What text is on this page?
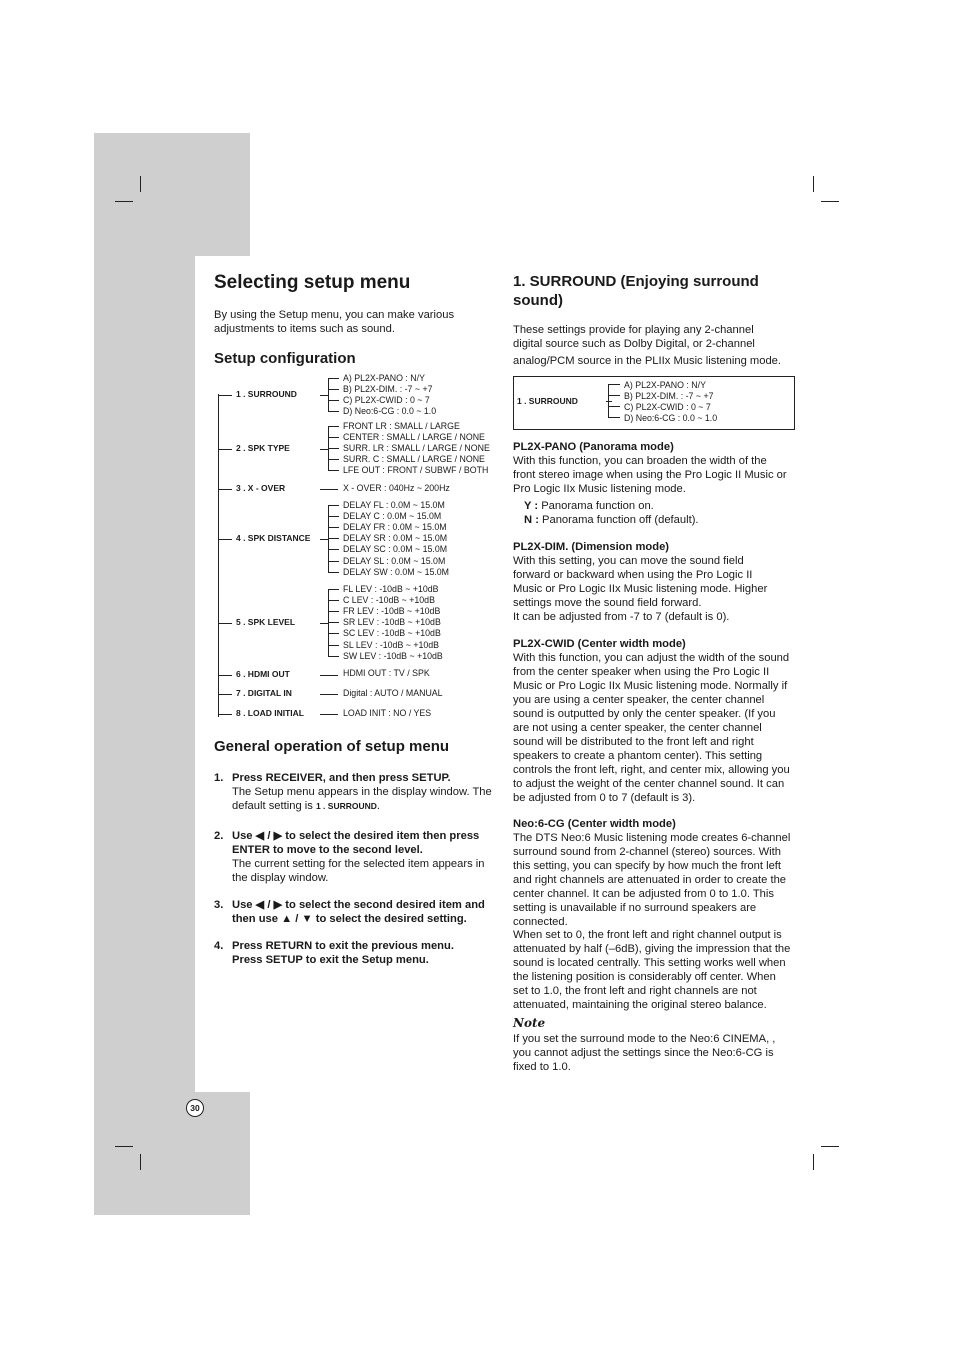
30
Selecting setup menu
By using the Setup menu, you can make various adjustments to items such as sound.
Setup configuration
1 . SURROUND
A) PL2X-PANO : N/Y
B) PL2X-DIM. : -7 ~ +7
C) PL2X-CWID : 0 ~ 7
D) Neo:6-CG : 0.0 ~ 1.0
2 . SPK TYPE
FRONT LR : SMALL / LARGE
CENTER : SMALL / LARGE / NONE
SURR. LR : SMALL / LARGE / NONE
SURR. C : SMALL / LARGE / NONE
LFE OUT : FRONT / SUBWF / BOTH
3 . X - OVER	X - OVER : 040Hz ~ 200Hz
4 . SPK DISTANCE
DELAY FL : 0.0M ~ 15.0M
DELAY C : 0.0M ~ 15.0M
DELAY FR : 0.0M ~ 15.0M
DELAY SR : 0.0M ~ 15.0M
DELAY SC : 0.0M ~ 15.0M
DELAY SL : 0.0M ~ 15.0M
DELAY SW : 0.0M ~ 15.0M
5 . SPK LEVEL
FL LEV : -10dB ~ +10dB
C LEV : -10dB ~ +10dB
FR LEV : -10dB ~ +10dB
SR LEV : -10dB ~ +10dB
SC LEV : -10dB ~ +10dB
SL LEV : -10dB ~ +10dB
SW LEV : -10dB ~ +10dB
6 . HDMI OUT	HDMI OUT : TV / SPK
7 . DIGITAL IN	Digital : AUTO / MANUAL
8 . LOAD INITIAL	LOAD INIT : NO / YES
General operation of setup menu
1. Press RECEIVER, and then press SETUP.
The Setup menu appears in the display window. The default setting is 1 . SURROUND.
2. Use ◀ / ▶ to select the desired item then press ENTER to move to the second level.
The current setting for the selected item appears in the display window.
3. Use ◀ / ▶ to select the second desired item and then use ▲ / ▼ to select the desired setting.
4. Press RETURN to exit the previous menu. Press SETUP to exit the Setup menu.
1. SURROUND (Enjoying surround sound)
These settings provide for playing any 2-channel digital source such as Dolby Digital, or 2-channel
analog/PCM source in the PLIIx Music listening mode.
1 . SURROUND
A) PL2X-PANO : N/Y
B) PL2X-DIM. : -7 ~ +7
C) PL2X-CWID : 0 ~ 7
D) Neo:6-CG : 0.0 ~ 1.0
PL2X-PANO (Panorama mode)
With this function, you can broaden the width of the front stereo image when using the Pro Logic II Music or Pro Logic IIx Music listening mode.
Y : Panorama function on.
N : Panorama function off (default).
PL2X-DIM. (Dimension mode)
With this setting, you can move the sound field forward or backward when using the Pro Logic II Music or Pro Logic IIx Music listening mode. Higher settings move the sound field forward.
It can be adjusted from -7 to 7 (default is 0).
PL2X-CWID (Center width mode)
With this function, you can adjust the width of the sound from the center speaker when using the Pro Logic II Music or Pro Logic IIx Music listening mode. Normally if you are using a center speaker, the center channel sound is outputted by only the center speaker. (If you are not using a center speaker, the center channel sound will be distributed to the front left and right speakers to create a phantom center). This setting controls the front left, right, and center mix, allowing you to adjust the weight of the center channel sound. It can be adjusted from 0 to 7 (default is 3).
Neo:6-CG (Center width mode)
The DTS Neo:6 Music listening mode creates 6-channel surround sound from 2-channel (stereo) sources. With this setting, you can specify by how much the front left and right channels are attenuated in order to create the center channel. It can be adjusted from 0 to 1.0. This setting is unavailable if no surround speakers are connected.
When set to 0, the front left and right channel output is attenuated by half (–6dB), giving the impression that the sound is located centrally. This setting works well when the listening position is considerably off center. When set to 1.0, the front left and right channels are not attenuated, maintaining the original stereo balance.
Note
If you set the surround mode to the Neo:6 CINEMA, , you cannot adjust the settings since the Neo:6-CG is fixed to 1.0.
